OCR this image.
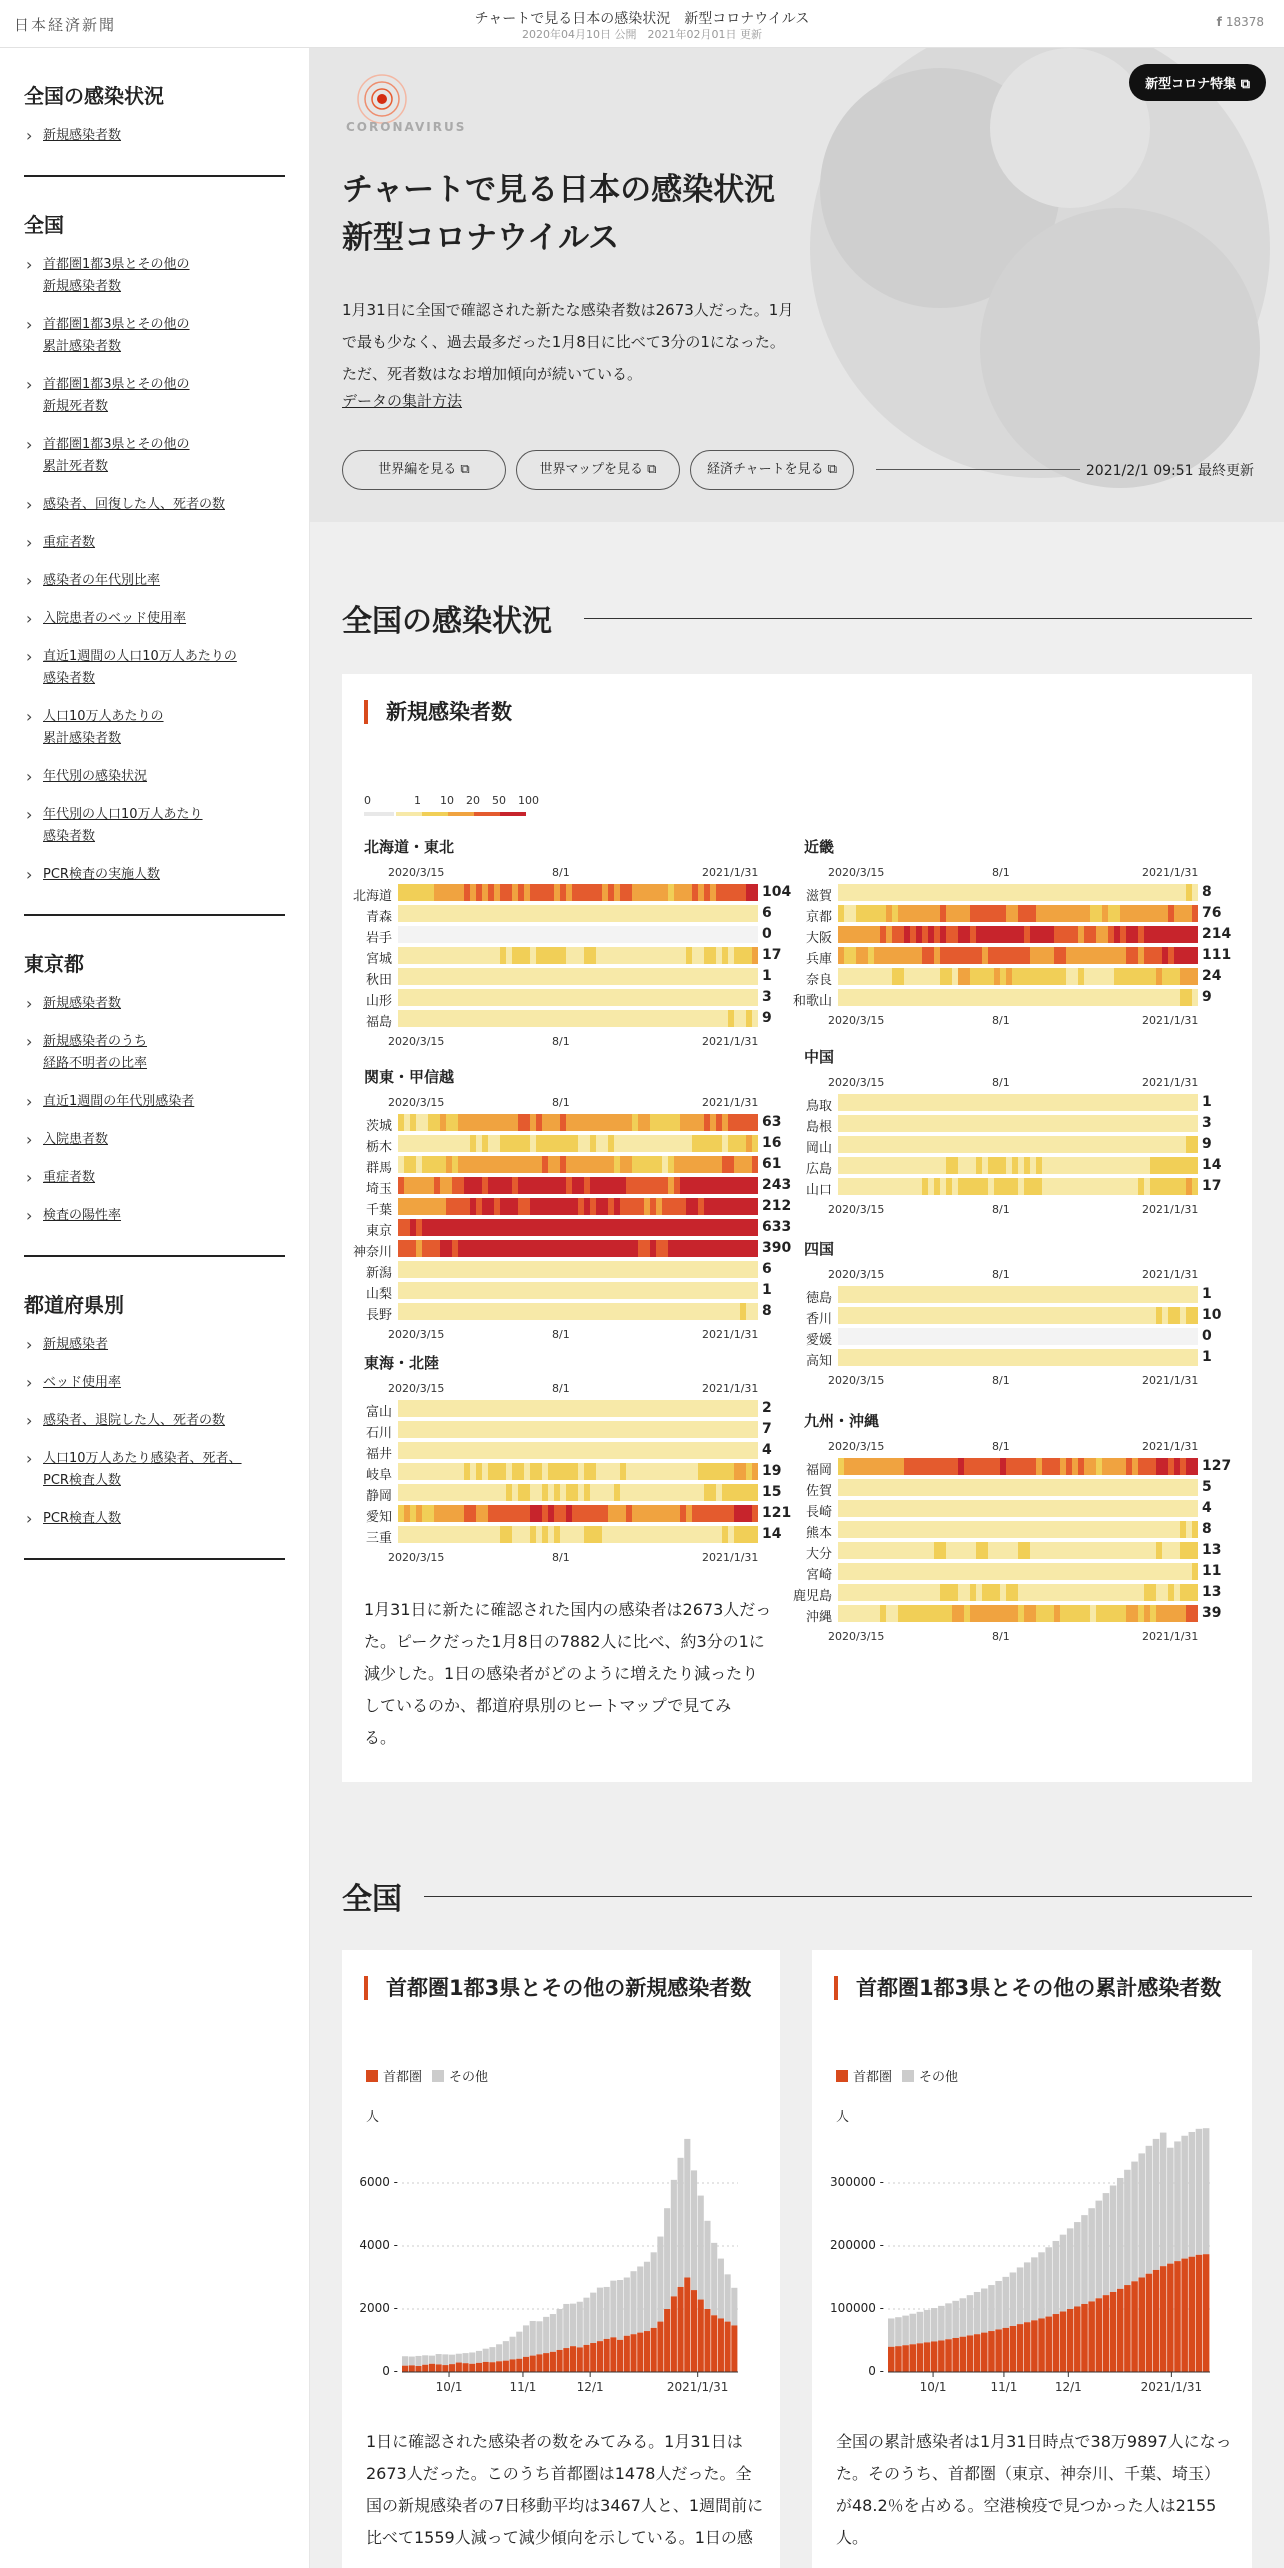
日本経済新聞	チャートで見る日本の感染状況　新型コロナウイルス
2020年04月10日 公開　2021年02月01日 更新
f 18378
全国の感染状況
› 新規感染者数
全国
› 首都圏1都3県とその他の
新規感染者数
› 首都圏1都3県とその他の
累計感染者数
› 首都圏1都3県とその他の
新規死者数
› 首都圏1都3県とその他の
累計死者数
› 感染者、回復した人、死者の数
› 重症者数
› 感染者の年代別比率
› 入院患者のベッド使用率
› 直近1週間の人口10万人あたりの
感染者数
› 人口10万人あたりの
累計感染者数
› 年代別の感染状況
› 年代別の人口10万人あたり
感染者数
› PCR検査の実施人数
東京都
› 新規感染者数
› 新規感染者のうち
経路不明者の比率
› 直近1週間の年代別感染者
› 入院患者数
› 重症者数
› 検査の陽性率
都道府県別
› 新規感染者
› ベッド使用率
› 感染者、退院した人、死者の数
› 人口10万人あたり感染者、死者、
PCR検査人数
› PCR検査人数
CORONAVIRUS
新型コロナ特集 ⧉
チャートで見る日本の感染状況
新型コロナウイルス
1月31日に全国で確認された新たな感染者数は2673人だった。1月
で最も少なく、過去最多だった1月8日に比べて3分の1になった。
ただ、死者数はなお増加傾向が続いている。
データの集計方法
世界編を見る ⧉	世界マップを見る ⧉	経済チャートを見る ⧉	2021/2/1 09:51 最終更新
全国の感染状況
新規感染者数
0	1 10 20 50 100
北海道・東北
2020/3/15	8/1	2021/1/31
2020/3/15	8/1	2021/1/31
北海道	104
青森	6
岩手	0
宮城	17
秋田	1
山形	3
福島	9
関東・甲信越
2020/3/15	8/1	2021/1/31
2020/3/15	8/1	2021/1/31
茨城	63
栃木	16
群馬	61
埼玉	243
千葉	212
東京	633
神奈川	390
新潟	6
山梨	1
長野	8
東海・北陸
2020/3/15	8/1	2021/1/31
2020/3/15	8/1	2021/1/31
富山	2
石川	7
福井	4
岐阜	19
静岡	15
愛知	121
三重	14
近畿
2020/3/15	8/1	2021/1/31
2020/3/15	8/1	2021/1/31
滋賀	8
京都	76
大阪	214
兵庫	111
奈良	24
和歌山	9
中国
2020/3/15	8/1	2021/1/31
2020/3/15	8/1	2021/1/31
鳥取	1
島根	3
岡山	9
広島	14
山口	17
四国
2020/3/15	8/1	2021/1/31
2020/3/15	8/1	2021/1/31
徳島	1
香川	10
愛媛	0
高知	1
九州・沖縄
2020/3/15	8/1	2021/1/31
2020/3/15	8/1	2021/1/31
福岡	127
佐賀	5
長崎	4
熊本	8
大分	13
宮崎	11
鹿児島	13
沖縄	39
1月31日に新たに確認された国内の感染者は2673人だっ
た。ピークだった1月8日の7882人に比べ、約3分の1に
減少した。1日の感染者がどのように増えたり減ったり
しているのか、都道府県別のヒートマップで見てみ
る。
全国
首都圏1都3県とその他の新規感染者数
首都圏 その他
人
10/1	11/1	12/1	2021/1/31
0 -
2000 -
4000 -
6000 -
1日に確認された感染者の数をみてみる。1月31日は
2673人だった。このうち首都圏は1478人だった。全
国の新規感染者の7日移動平均は3467人と、1週間前に
比べて1559人減って減少傾向を示している。1日の感
首都圏1都3県とその他の累計感染者数
首都圏 その他
人
10/1	11/1	12/1	2021/1/31
0 -
100000 -
200000 -
300000 -
全国の累計感染者は1月31日時点で38万9897人になっ
た。そのうち、首都圏（東京、神奈川、千葉、埼玉）
が48.2％を占める。空港検疫で見つかった人は2155
人。
